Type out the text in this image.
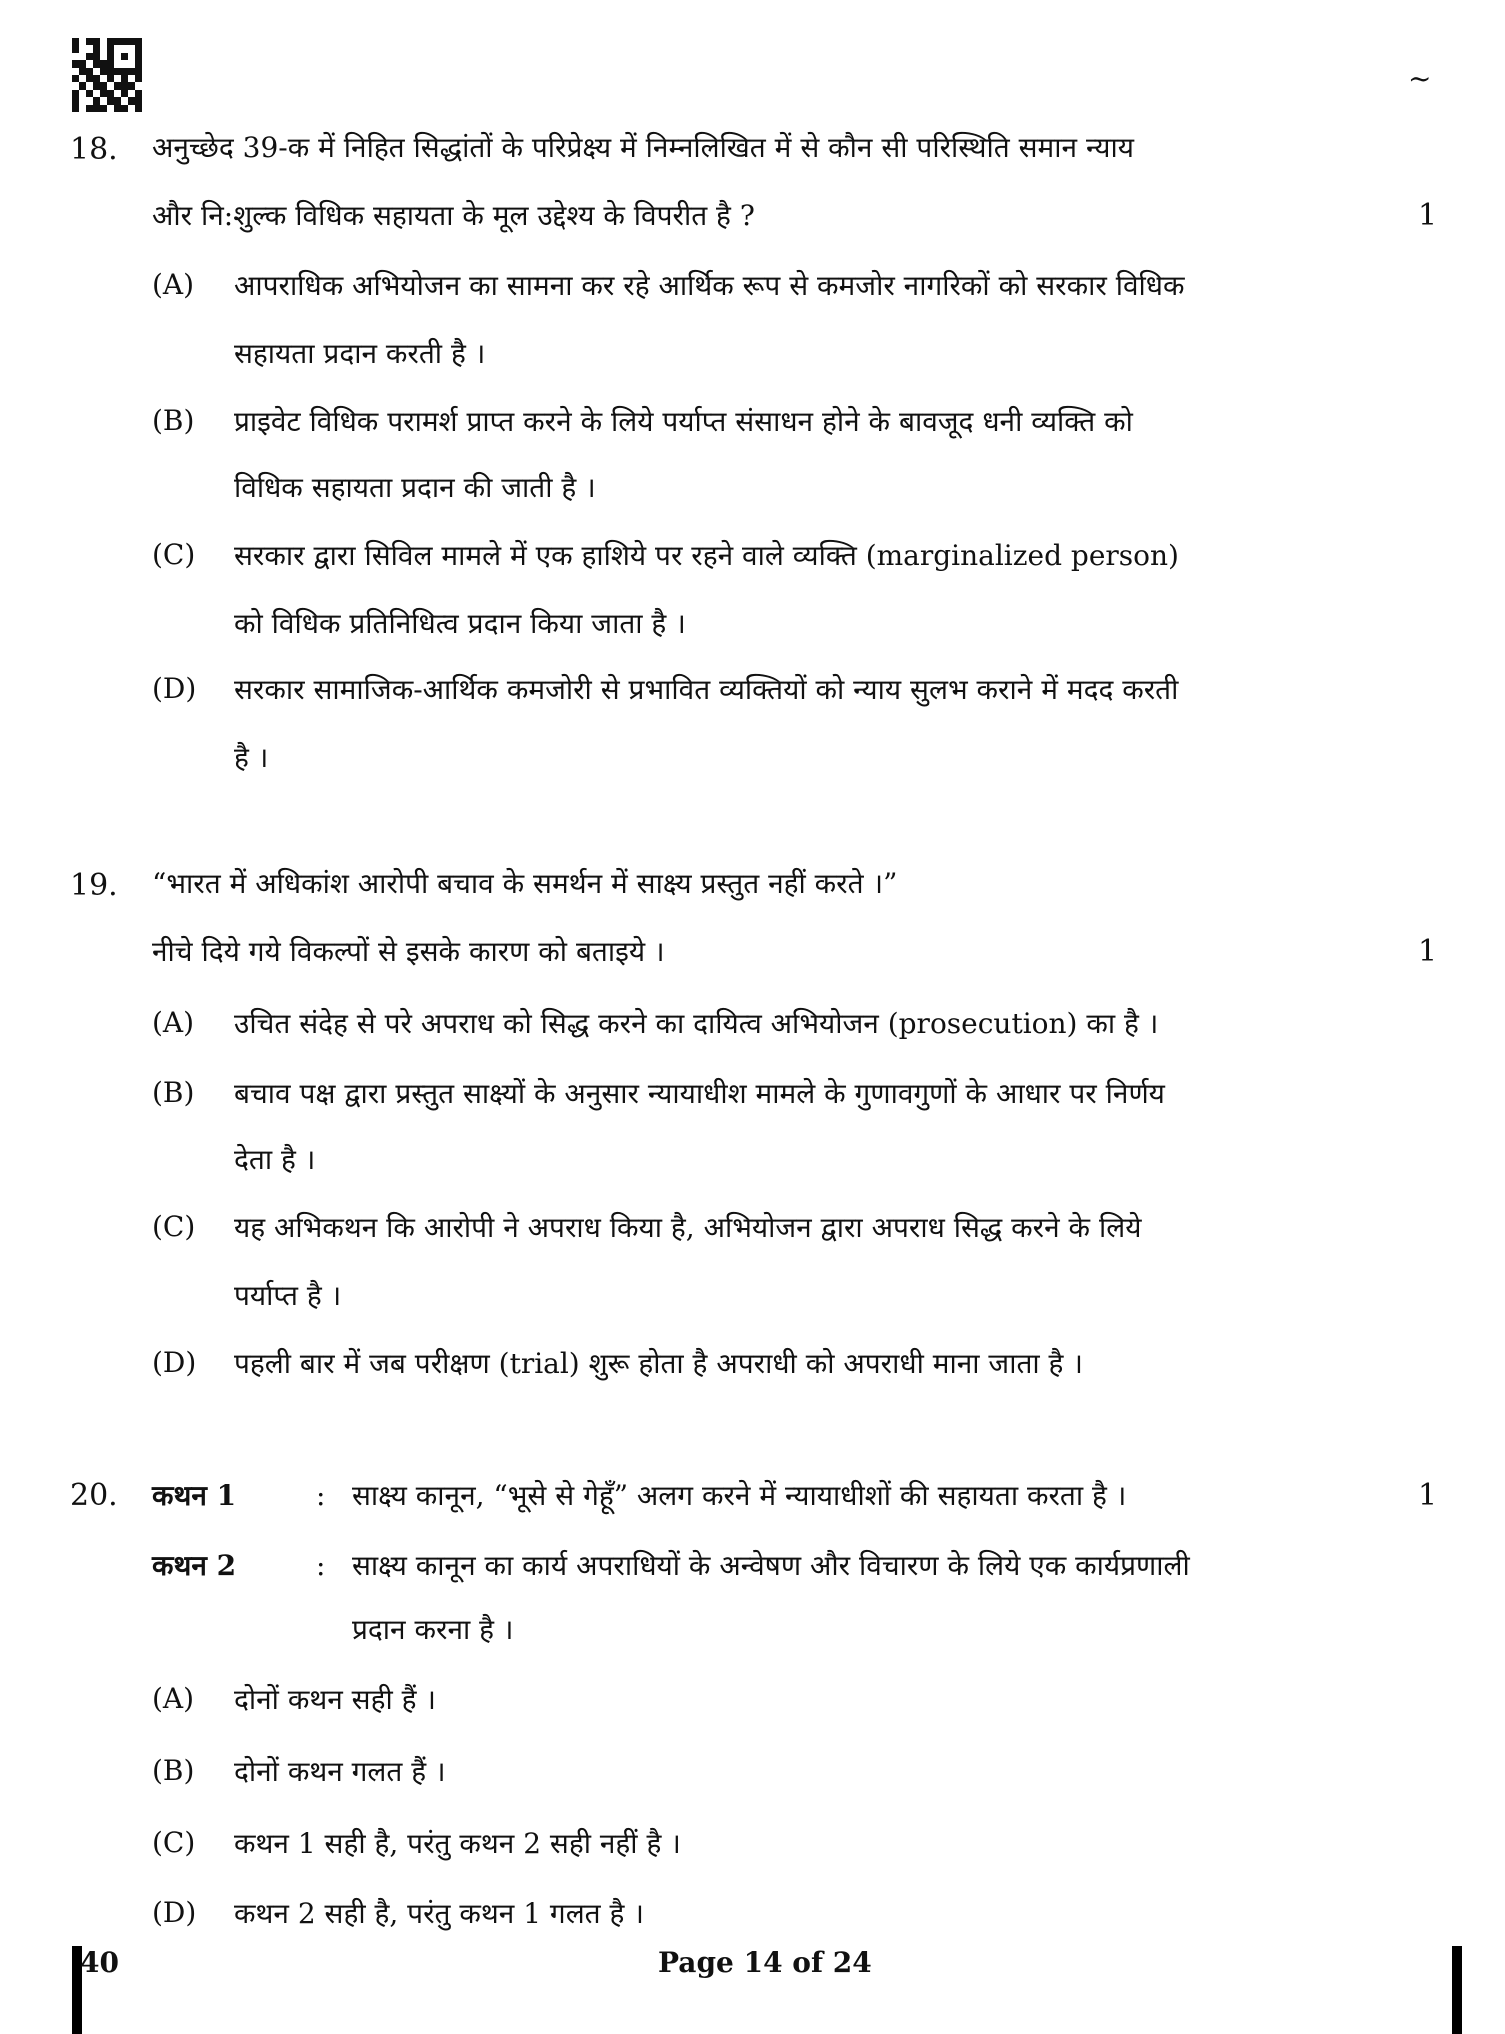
~
18. अनुच्छेद 39-क में निहित सिद्धांतों के परिप्रेक्ष्य में निम्नलिखित में से कौन सी परिस्थिति समान न्याय
और नि:शुल्क विधिक सहायता के मूल उद्देश्य के विपरीत है ?	1
(A) आपराधिक अभियोजन का सामना कर रहे आर्थिक रूप से कमजोर नागरिकों को सरकार विधिक
सहायता प्रदान करती है ।
(B) प्राइवेट विधिक परामर्श प्राप्त करने के लिये पर्याप्त संसाधन होने के बावजूद धनी व्यक्ति को
विधिक सहायता प्रदान की जाती है ।
(C) सरकार द्वारा सिविल मामले में एक हाशिये पर रहने वाले व्यक्ति (marginalized person)
को विधिक प्रतिनिधित्व प्रदान किया जाता है ।
(D) सरकार सामाजिक-आर्थिक कमजोरी से प्रभावित व्यक्तियों को न्याय सुलभ कराने में मदद करती
है ।
19. “भारत में अधिकांश आरोपी बचाव के समर्थन में साक्ष्य प्रस्तुत नहीं करते ।”
नीचे दिये गये विकल्पों से इसके कारण को बताइये ।	1
(A) उचित संदेह से परे अपराध को सिद्ध करने का दायित्व अभियोजन (prosecution) का है ।
(B) बचाव पक्ष द्वारा प्रस्तुत साक्ष्यों के अनुसार न्यायाधीश मामले के गुणावगुणों के आधार पर निर्णय
देता है ।
(C) यह अभिकथन कि आरोपी ने अपराध किया है, अभियोजन द्वारा अपराध सिद्ध करने के लिये
पर्याप्त है ।
(D) पहली बार में जब परीक्षण (trial) शुरू होता है अपराधी को अपराधी माना जाता है ।
20. कथन 1	: साक्ष्य कानून, “भूसे से गेहूँ” अलग करने में न्यायाधीशों की सहायता करता है ।	1
कथन 2	: साक्ष्य कानून का कार्य अपराधियों के अन्वेषण और विचारण के लिये एक कार्यप्रणाली
प्रदान करना है ।
(A) दोनों कथन सही हैं ।
(B) दोनों कथन गलत हैं ।
(C) कथन 1 सही है, परंतु कथन 2 सही नहीं है ।
(D) कथन 2 सही है, परंतु कथन 1 गलत है ।
40	Page 14 of 24
